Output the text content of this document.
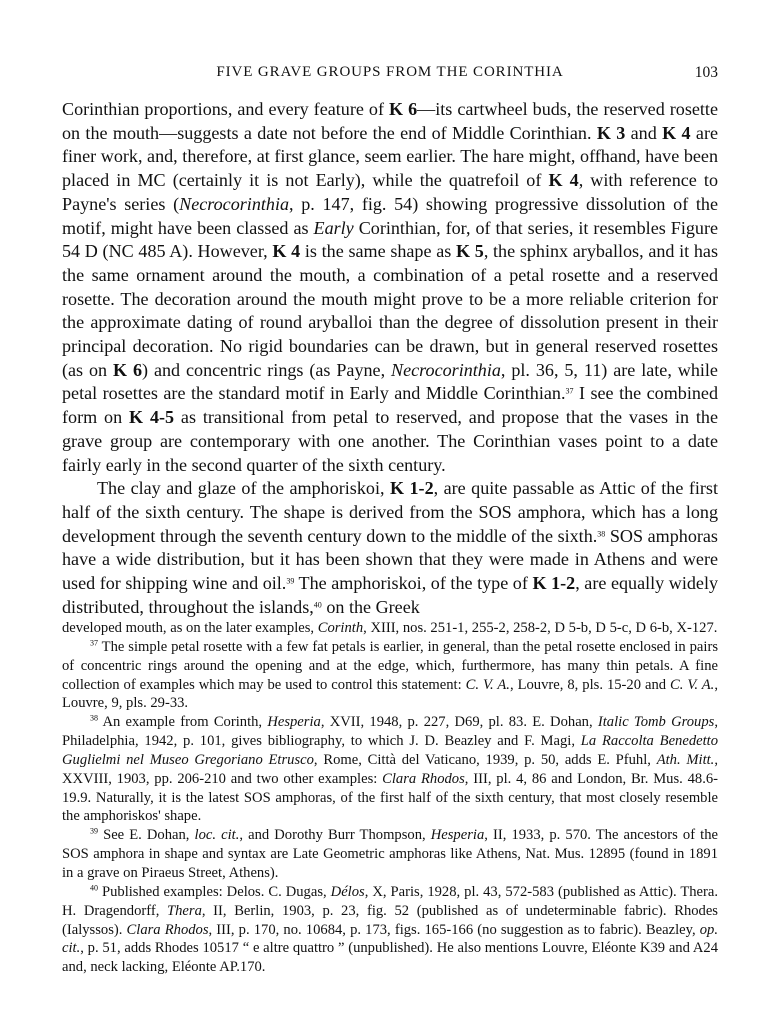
FIVE GRAVE GROUPS FROM THE CORINTHIA	103

Corinthian proportions, and every feature of K 6—its cartwheel buds, the reserved rosette on the mouth—suggests a date not before the end of Middle Corinthian. K 3 and K 4 are finer work, and, therefore, at first glance, seem earlier. The hare might, offhand, have been placed in MC (certainly it is not Early), while the quatrefoil of K 4, with reference to Payne's series (Necrocorinthia, p. 147, fig. 54) showing progressive dissolution of the motif, might have been classed as Early Corinthian, for, of that series, it resembles Figure 54 D (NC 485 A). However, K 4 is the same shape as K 5, the sphinx aryballos, and it has the same ornament around the mouth, a combination of a petal rosette and a reserved rosette. The decoration around the mouth might prove to be a more reliable criterion for the approximate dating of round aryballoi than the degree of dissolution present in their principal decoration. No rigid boundaries can be drawn, but in general reserved rosettes (as on K 6) and concentric rings (as Payne, Necrocorinthia, pl. 36, 5, 11) are late, while petal rosettes are the standard motif in Early and Middle Corinthian.$^{37}$ I see the combined form on K 4-5 as transitional from petal to reserved, and propose that the vases in the grave group are contemporary with one another. The Corinthian vases point to a date fairly early in the second quarter of the sixth century.

The clay and glaze of the amphoriskoi, K 1-2, are quite passable as Attic of the first half of the sixth century. The shape is derived from the SOS amphora, which has a long development through the seventh century down to the middle of the sixth.$^{38}$ SOS amphoras have a wide distribution, but it has been shown that they were made in Athens and were used for shipping wine and oil.$^{39}$ The amphoriskoi, of the type of K 1-2, are equally widely distributed, throughout the islands,$^{40}$ on the Greek

developed mouth, as on the later examples, Corinth, XIII, nos. 251-1, 255-2, 258-2, D 5-b, D 5-c, D 6-b, X-127.

$^{37}$ The simple petal rosette with a few fat petals is earlier, in general, than the petal rosette enclosed in pairs of concentric rings around the opening and at the edge, which, furthermore, has many thin petals. A fine collection of examples which may be used to control this statement: C. V. A., Louvre, 8, pls. 15-20 and C. V. A., Louvre, 9, pls. 29-33.

$^{38}$ An example from Corinth, Hesperia, XVII, 1948, p. 227, D69, pl. 83. E. Dohan, Italic Tomb Groups, Philadelphia, 1942, p. 101, gives bibliography, to which J. D. Beazley and F. Magi, La Raccolta Benedetto Guglielmi nel Museo Gregoriano Etrusco, Rome, Città del Vaticano, 1939, p. 50, adds E. Pfuhl, Ath. Mitt., XXVIII, 1903, pp. 206-210 and two other examples: Clara Rhodos, III, pl. 4, 86 and London, Br. Mus. 48.6-19.9. Naturally, it is the latest SOS amphoras, of the first half of the sixth century, that most closely resemble the amphoriskos' shape.

$^{39}$ See E. Dohan, loc. cit., and Dorothy Burr Thompson, Hesperia, II, 1933, p. 570. The ancestors of the SOS amphora in shape and syntax are Late Geometric amphoras like Athens, Nat. Mus. 12895 (found in 1891 in a grave on Piraeus Street, Athens).

$^{40}$ Published examples: Delos. C. Dugas, Délos, X, Paris, 1928, pl. 43, 572-583 (published as Attic). Thera. H. Dragendorff, Thera, II, Berlin, 1903, p. 23, fig. 52 (published as of undeterminable fabric). Rhodes (Ialyssos). Clara Rhodos, III, p. 170, no. 10684, p. 173, figs. 165-166 (no suggestion as to fabric). Beazley, op. cit., p. 51, adds Rhodes 10517 “ e altre quattro ” (unpublished). He also mentions Louvre, Eléonte K39 and A24 and, neck lacking, Eléonte AP.170.
